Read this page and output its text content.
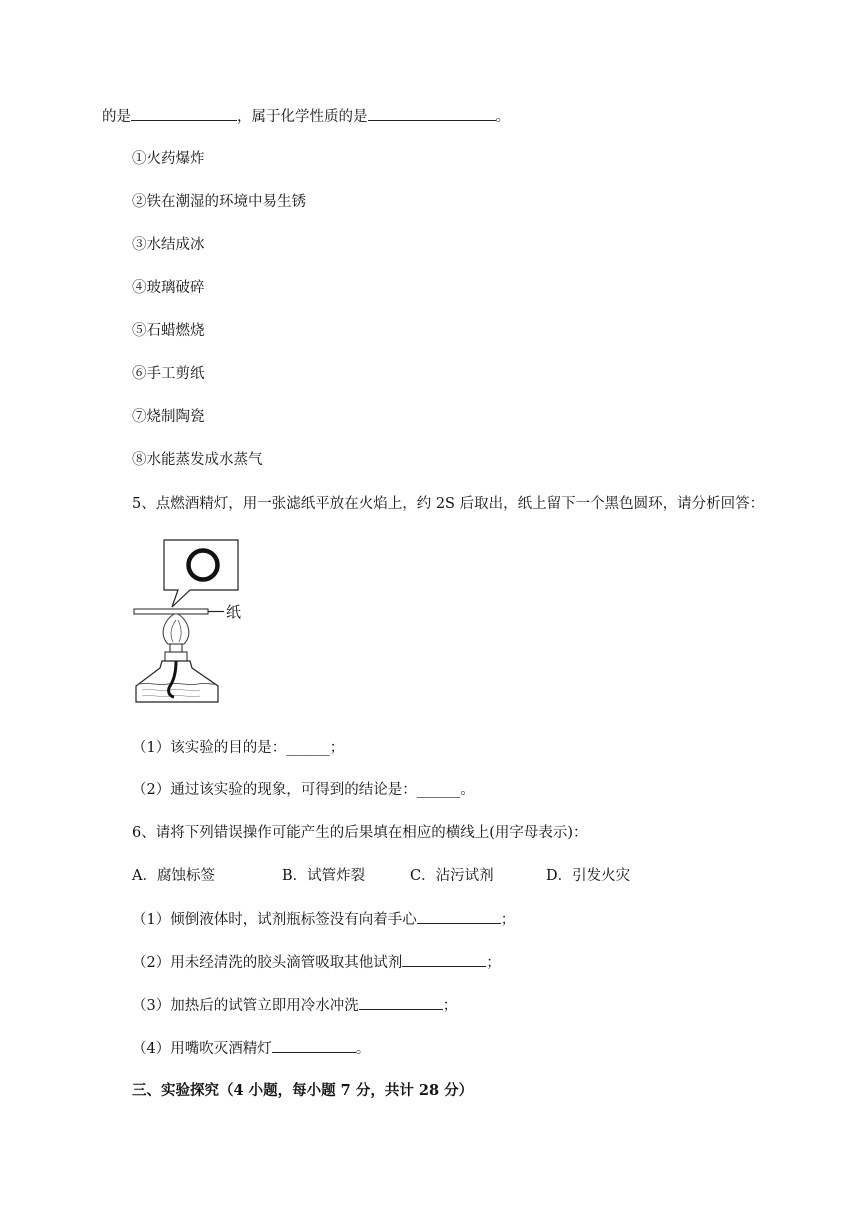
的是	，属于化学性质的是	。
①火药爆炸
②铁在潮湿的环境中易生锈
③水结成冰
④玻璃破碎
⑤石蜡燃烧
⑥手工剪纸
⑦烧制陶瓷
⑧水能蒸发成水蒸气
5、点燃酒精灯，用一张滤纸平放在火焰上，约 2S 后取出，纸上留下一个黑色圆环，请分析回答：
纸
（1）该实验的目的是：______；
（2）通过该实验的现象，可得到的结论是：______。
6、请将下列错误操作可能产生的后果填在相应的横线上(用字母表示)：
A．腐蚀标签	B．试管炸裂	C．沾污试剂	D．引发火灾
（1）倾倒液体时，试剂瓶标签没有向着手心	；
（2）用未经清洗的胶头滴管吸取其他试剂	；
（3）加热后的试管立即用冷水冲洗	；
（4）用嘴吹灭酒精灯	。
三、实验探究（4 小题，每小题 7 分，共计 28 分）
